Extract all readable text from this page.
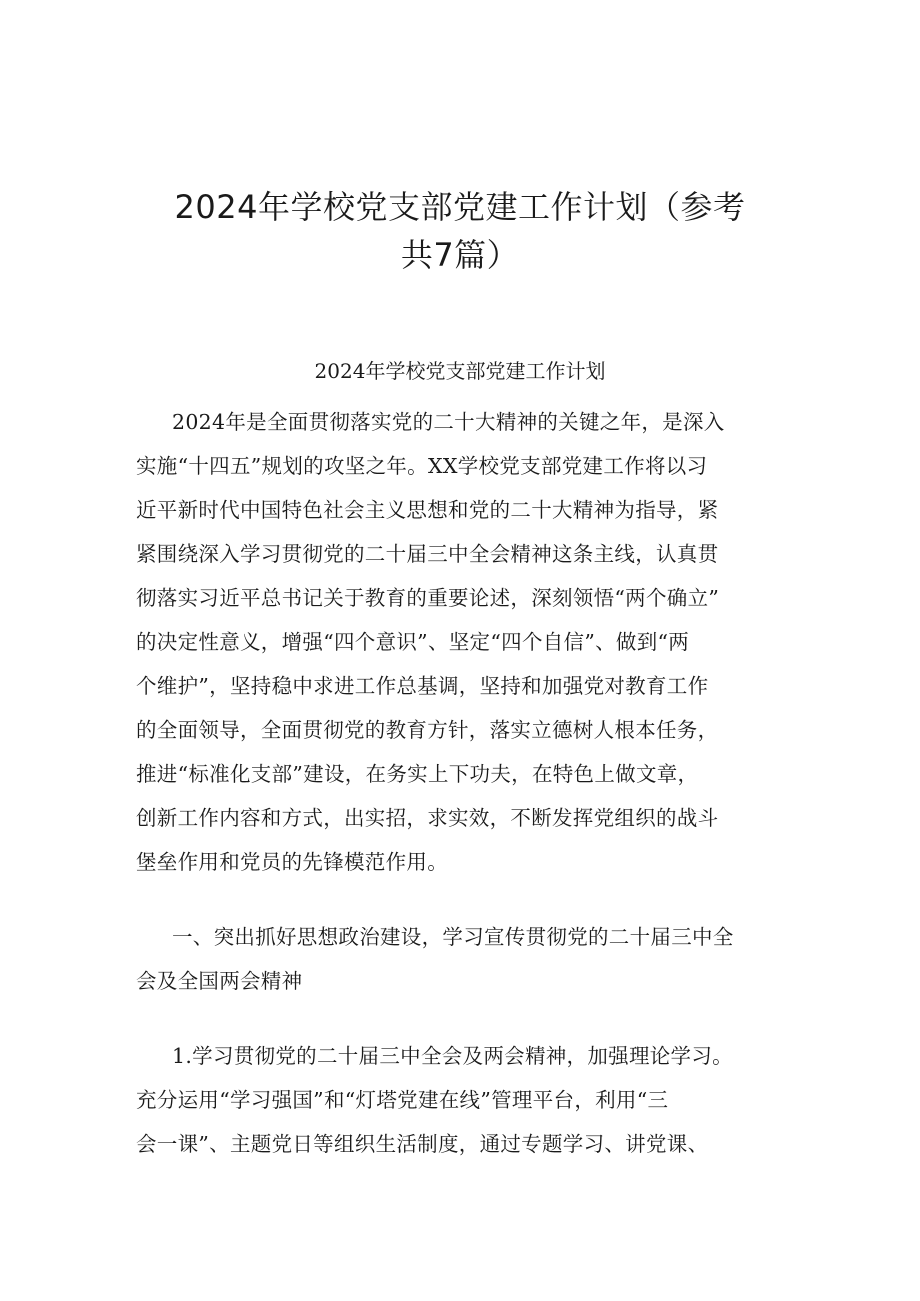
2024年学校党支部党建工作计划（参考
共7篇）
2024年学校党支部党建工作计划

2024年是全面贯彻落实党的二十大精神的关键之年，是深入

实施“十四五”规划的攻坚之年。XX学校党支部党建工作将以习

近平新时代中国特色社会主义思想和党的二十大精神为指导，紧

紧围绕深入学习贯彻党的二十届三中全会精神这条主线，认真贯

彻落实习近平总书记关于教育的重要论述，深刻领悟“两个确立”

的决定性意义，增强“四个意识”、坚定“四个自信”、做到“两

个维护”，坚持稳中求进工作总基调，坚持和加强党对教育工作

的全面领导，全面贯彻党的教育方针，落实立德树人根本任务，

推进“标准化支部”建设，在务实上下功夫，在特色上做文章，

创新工作内容和方式，出实招，求实效，不断发挥党组织的战斗

堡垒作用和党员的先锋模范作用。

一、突出抓好思想政治建设，学习宣传贯彻党的二十届三中全

会及全国两会精神

1.学习贯彻党的二十届三中全会及两会精神，加强理论学习。

充分运用“学习强国”和“灯塔党建在线”管理平台，利用“三

会一课”、主题党日等组织生活制度，通过专题学习、讲党课、
